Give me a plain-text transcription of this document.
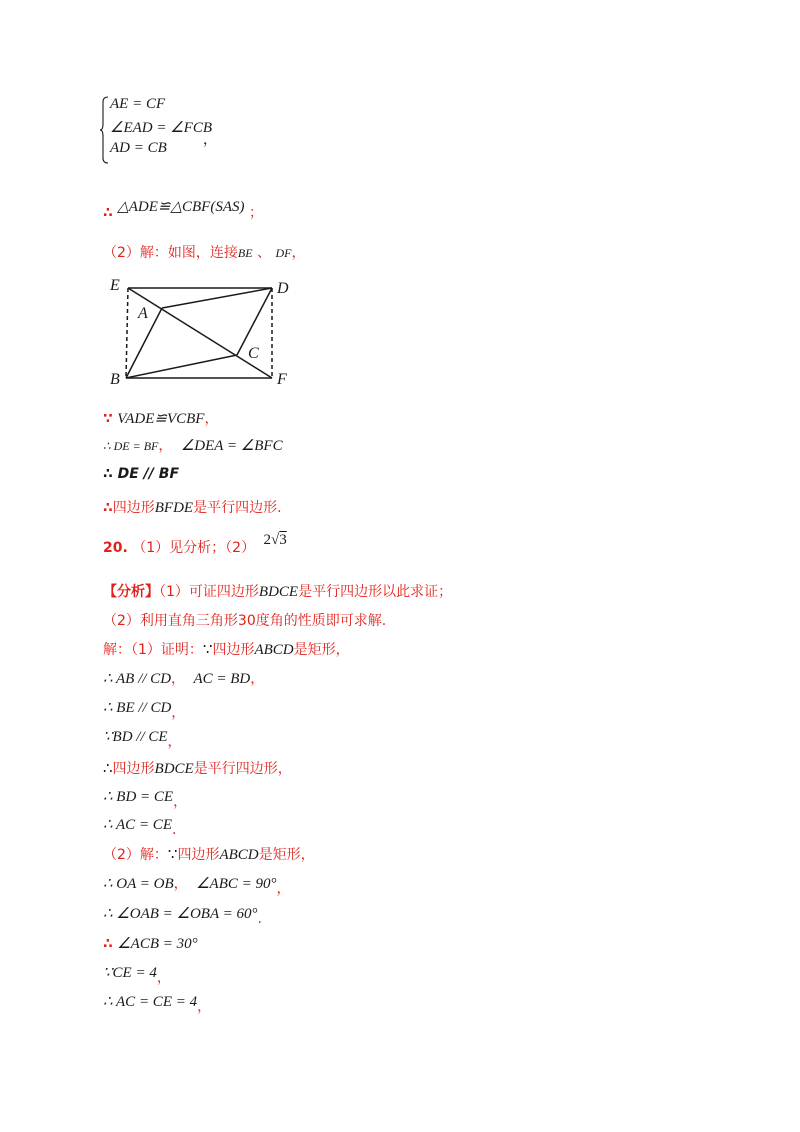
AE = CF
∠EAD = ∠FCB
AD = CB	，
∴ △ADE≌△CBF(SAS) ；
（2）解：如图，连接BE 、 DF，
E	D
A
C
B	F
∵ VADE≌VCBF，
∴ DE = BF， ∠DEA = ∠BFC
∴ DE // BF
∴四边形BFDE是平行四边形.
20. （1）见分析；（2） 2√3
【分析】（1）可证四边形BDCE是平行四边形以此求证；
（2）利用直角三角形30度角的性质即可求解.
解：（1）证明：∵四边形ABCD是矩形，
∴ AB // CD， AC = BD，
∴ BE // CD，
∵BD // CE，
∴四边形BDCE是平行四边形，
∴ BD = CE，
∴ AC = CE.
（2）解：∵四边形ABCD是矩形，
∴ OA = OB， ∠ABC = 90°，
∴ ∠OAB = ∠OBA = 60°.
∴ ∠ACB = 30°
∵CE = 4，
∴ AC = CE = 4，
